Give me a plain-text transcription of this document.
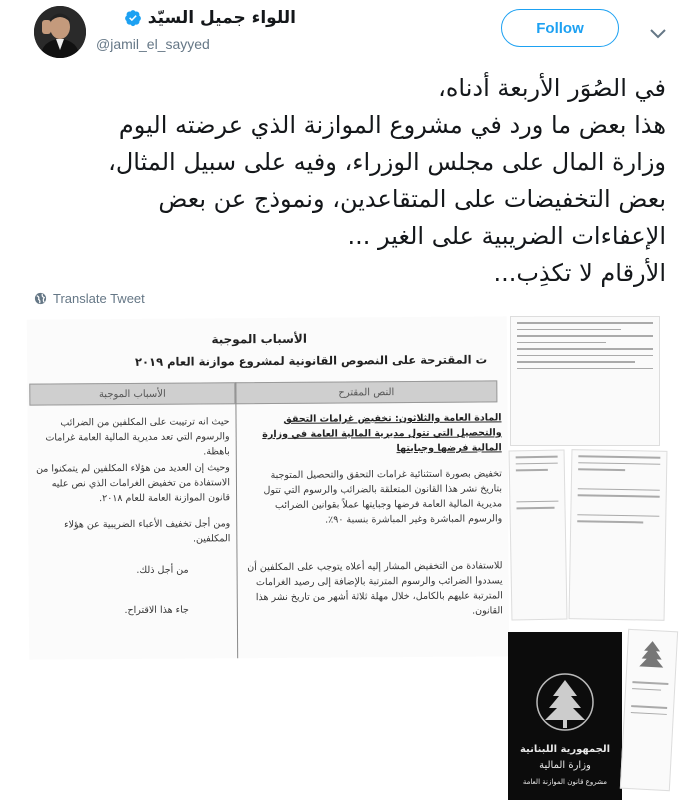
اللواء جميل السيّد
@jamil_el_sayyed
Follow
في الصُوَر الأربعة أدناه،
هذا بعض ما ورد في مشروع الموازنة الذي عرضته اليوم
وزارة المال على مجلس الوزراء، وفيه على سبيل المثال،
بعض التخفيضات على المتقاعدين، ونموذج عن بعض
الإعفاءات الضريبية على الغير ...
الأرقام لا تكذِب...
Translate Tweet
الأسباب الموجبة
ت المقترحة على النصوص القانونية لمشروع موازنة العام ٢٠١٩
الأسباب الموجبة	النص المقترح
المادة العامة والثلاثون: تخفيض غرامات التحقق والتحصيل التي تتول مديرية المالية العامة في وزارة المالية فرضها وجبايتها
تخفيض بصورة استثنائية غرامات التحقق والتحصيل المتوجبة بتاريخ نشر هذا القانون المتعلقة بالضرائب والرسوم التي تتول مديرية المالية العامة فرضها وجبايتها عملاً بقوانين الضرائب والرسوم المباشرة وغير المباشرة بنسبة ٩٠٪.
للاستفادة من التخفيض المشار إليه أعلاه يتوجب على المكلفين أن يسددوا الضرائب والرسوم المترتبة بالإضافة إلى رصيد الغرامات المترتبة عليهم بالكامل، خلال مهلة ثلاثة أشهر من تاريخ نشر هذا القانون.
حيث انه ترتيبت على المكلفين من الضرائب والرسوم التي تعد مديرية المالية العامة غرامات باهظة.
وحيث إن العديد من هؤلاء المكلفين لم يتمكنوا من الاستفادة من تخفيض الغرامات الذي نص عليه قانون الموازنة العامة للعام ٢٠١٨.
ومن أجل تخفيف الأعباء الضريبية عن هؤلاء المكلفين.
من أجل ذلك.
جاء هذا الاقتراح.
الجمهورية اللبنانية
وزارة المالية
مشروع قانون الموازنة العامة
